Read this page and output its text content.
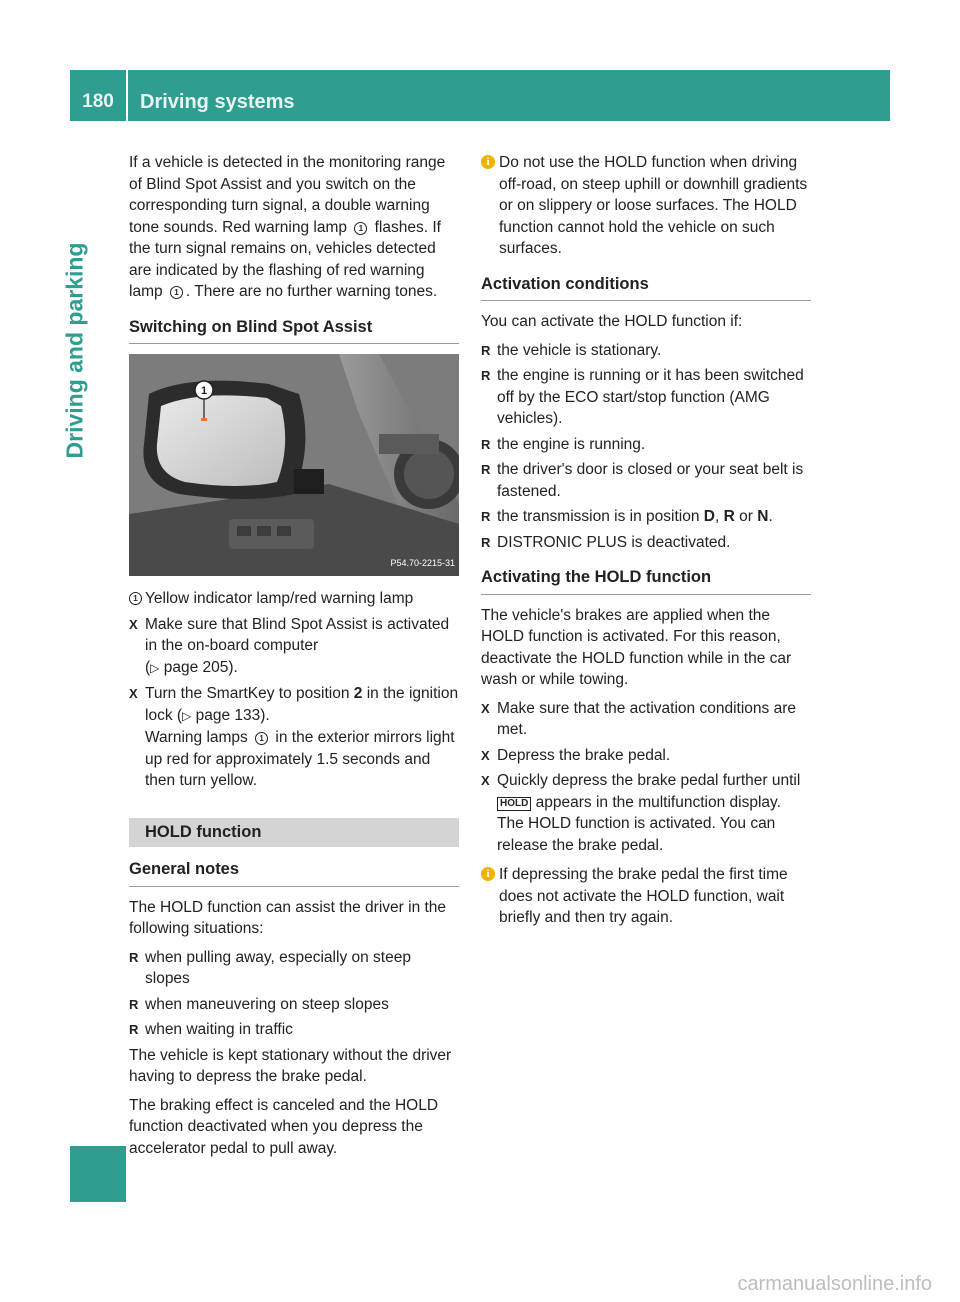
180	Driving systems
Driving and parking

If a vehicle is detected in the monitoring range of Blind Spot Assist and you switch on the corresponding turn signal, a double warning tone sounds. Red warning lamp 1 flashes. If the turn signal remains on, vehicles detected are indicated by the flashing of red warning lamp 1 . There are no further warning tones.

Switching on Blind Spot Assist
1
P54.70-2215-31
1 Yellow indicator lamp/red warning lamp
X Make sure that Blind Spot Assist is activated in the on-board computer
(▷ page 205).
X Turn the SmartKey to position 2 in the ignition lock (▷ page 133).
Warning lamps 1 in the exterior mirrors light up red for approximately 1.5 seconds and then turn yellow.
HOLD function
General notes

The HOLD function can assist the driver in the following situations:

R when pulling away, especially on steep slopes
R when maneuvering on steep slopes
R when waiting in traffic

The vehicle is kept stationary without the driver having to depress the brake pedal.

The braking effect is canceled and the HOLD function deactivated when you depress the accelerator pedal to pull away.

i Do not use the HOLD function when driving off-road, on steep uphill or downhill gradients or on slippery or loose surfaces. The HOLD function cannot hold the vehicle on such surfaces.
Activation conditions

You can activate the HOLD function if:

R the vehicle is stationary.
R the engine is running or it has been switched off by the ECO start/stop function (AMG vehicles).
R the engine is running.
R the driver's door is closed or your seat belt is fastened.
R the transmission is in position D, R or N.
R DISTRONIC PLUS is deactivated.
Activating the HOLD function

The vehicle's brakes are applied when the HOLD function is activated. For this reason, deactivate the HOLD function while in the car wash or while towing.

X Make sure that the activation conditions are met.
X Depress the brake pedal.
X Quickly depress the brake pedal further until HOLD appears in the multifunction display.
The HOLD function is activated. You can release the brake pedal.
i If depressing the brake pedal the first time does not activate the HOLD function, wait briefly and then try again.
carmanualsonline.info
